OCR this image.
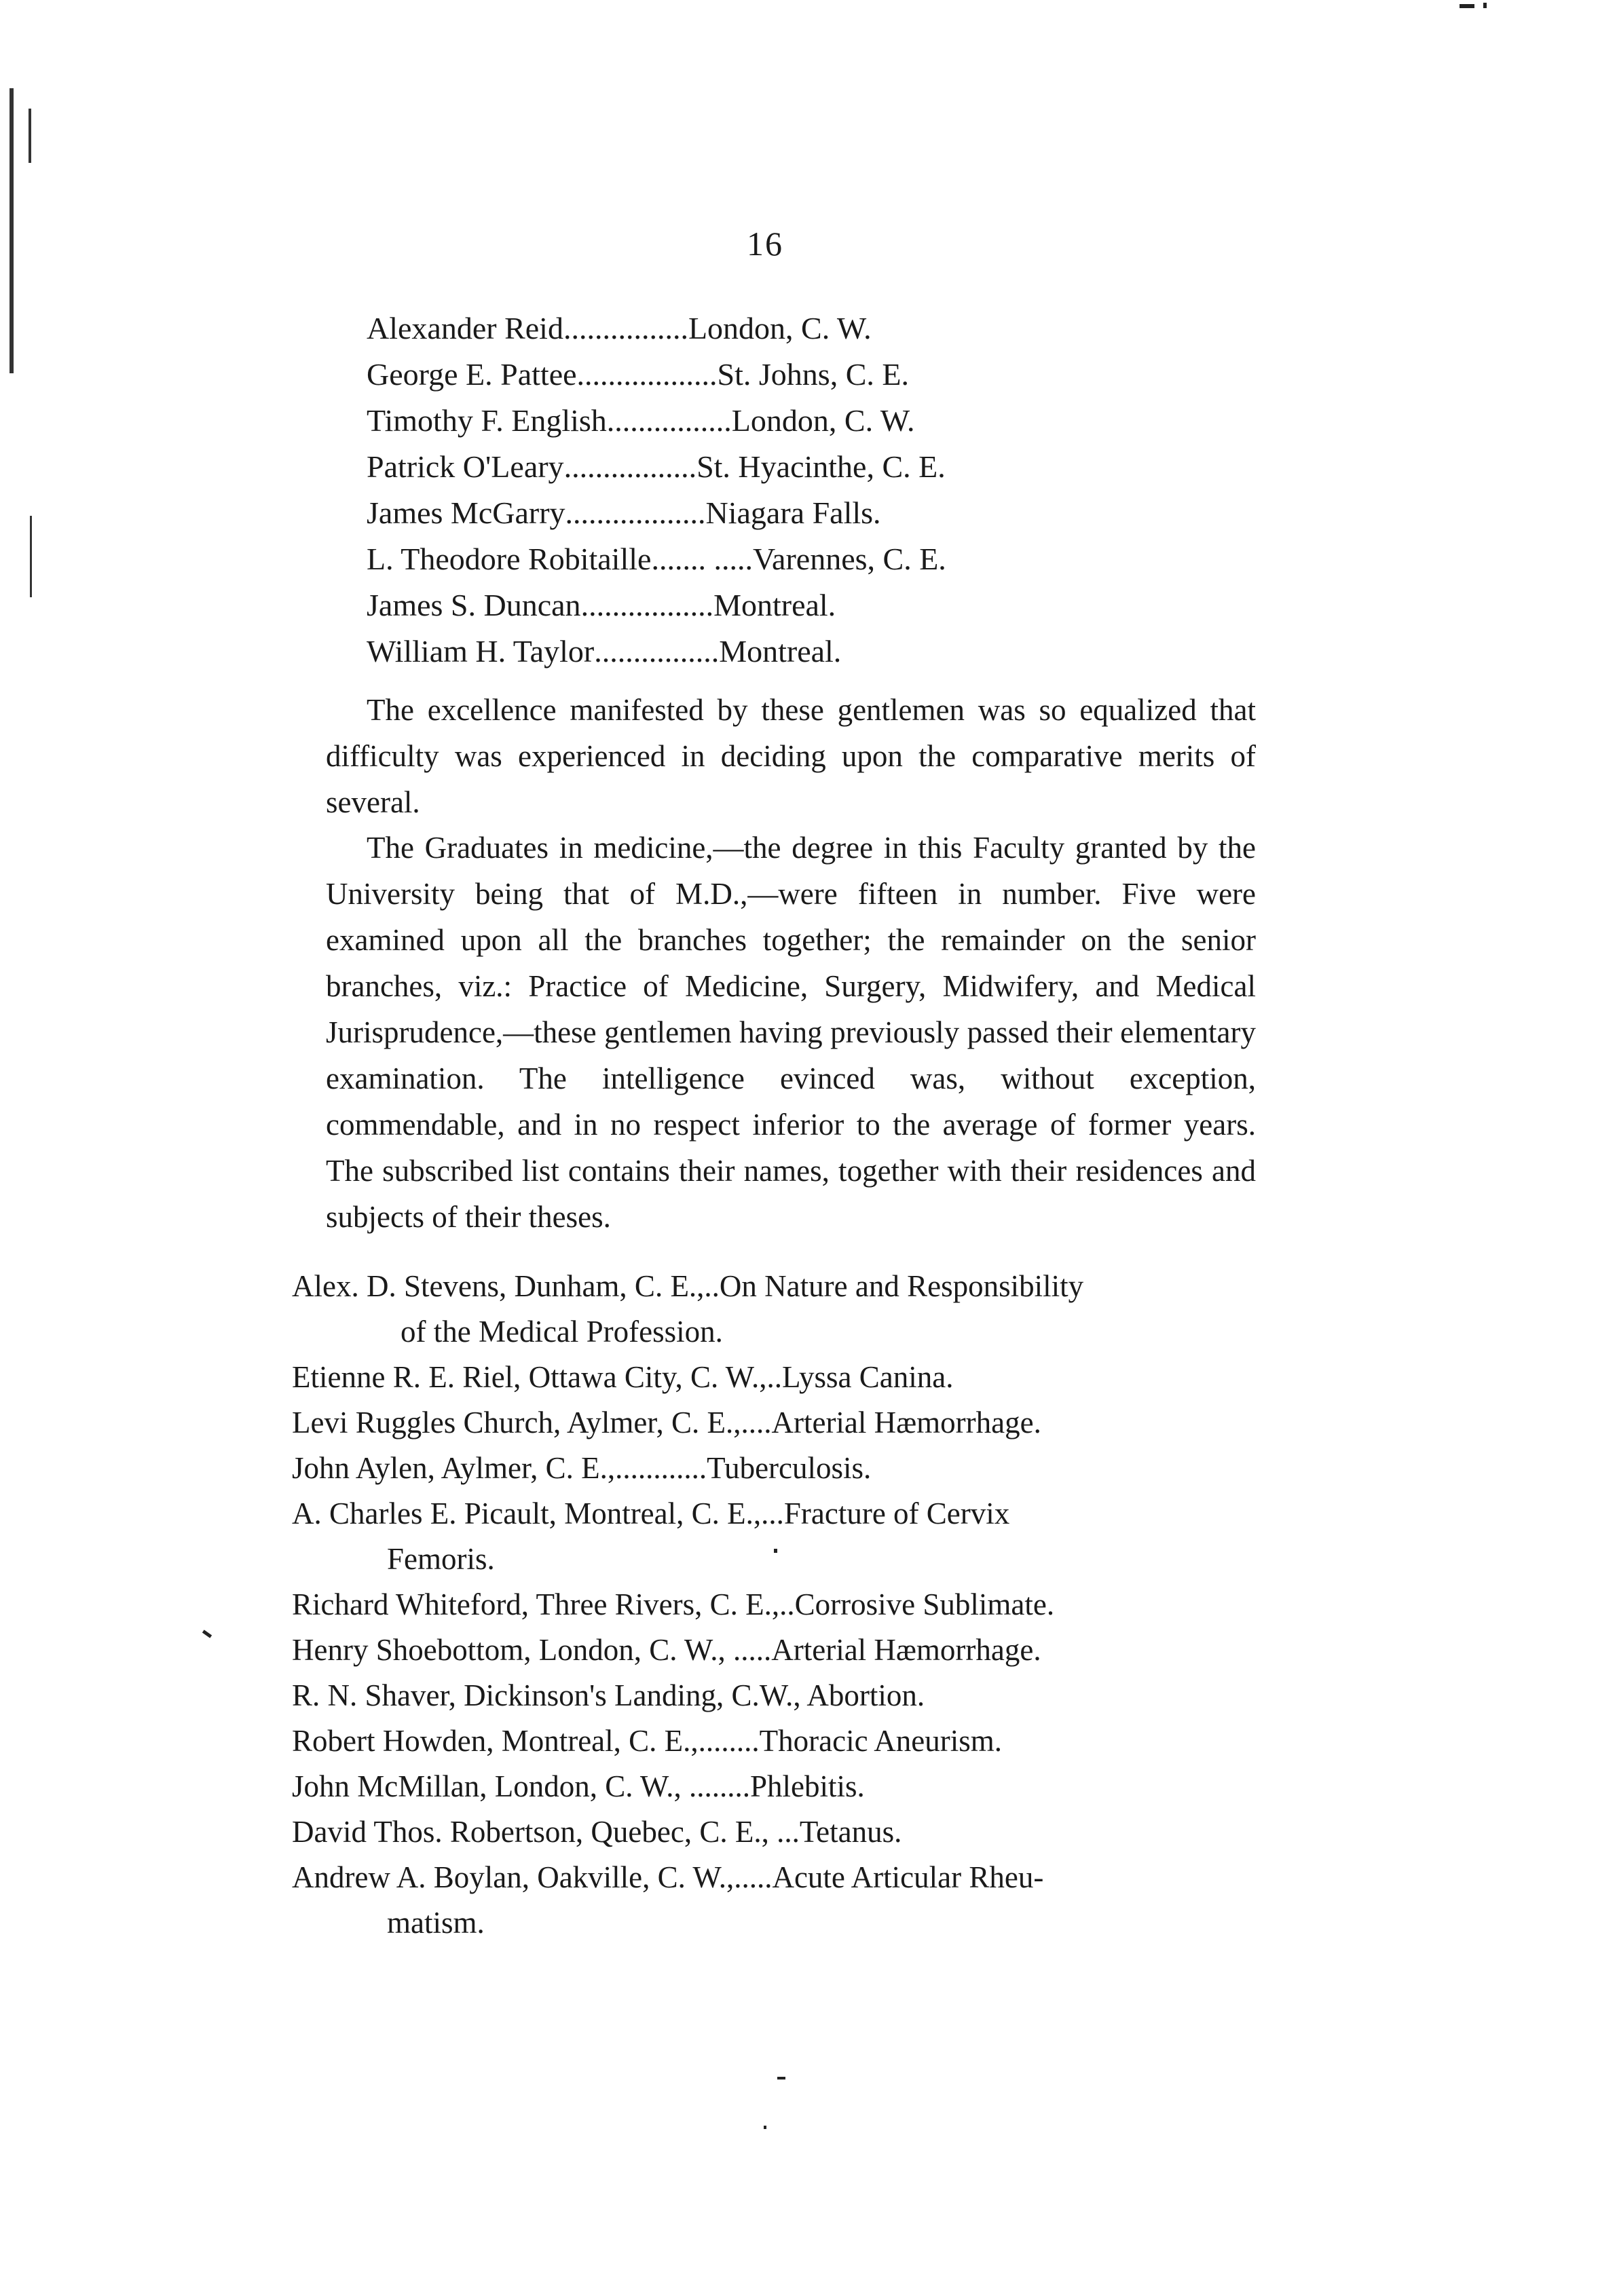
16
Alexander Reid ................ London, C. W.
George E. Pattee .................. St. Johns, C. E.
Timothy F. English ................ London, C. W.
Patrick O'Leary ................. St. Hyacinthe, C. E.
James McGarry .................. Niagara Falls.
L. Theodore Robitaille ....... ..... Varennes, C. E.
James S. Duncan ................. Montreal.
William H. Taylor ................ Montreal.

The excellence manifested by these gentlemen was so equalized that difficulty was experienced in deciding upon the comparative merits of several.

The Graduates in medicine,—the degree in this Faculty granted by the University being that of M.D.,—were fifteen in number. Five were examined upon all the branches together; the remainder on the senior branches, viz.: Practice of Medicine, Surgery, Midwifery, and Medical Jurisprudence,—these gentlemen having previously passed their elementary examination. The intelligence evinced was, without exception, commendable, and in no respect inferior to the average of former years. The subscribed list contains their names, together with their residences and subjects of their theses.

Alex. D. Stevens, Dunham, C. E.,..On Nature and Responsibility
of the Medical Profession.

Etienne R. E. Riel, Ottawa City, C. W.,..Lyssa Canina.

Levi Ruggles Church, Aylmer, C. E.,....Arterial Hæmorrhage.

John Aylen, Aylmer, C. E.,............Tuberculosis.

A. Charles E. Picault, Montreal, C. E.,...Fracture of Cervix
Femoris.

Richard Whiteford, Three Rivers, C. E.,..Corrosive Sublimate.

Henry Shoebottom, London, C. W., .....Arterial Hæmorrhage.

R. N. Shaver, Dickinson's Landing, C.W., Abortion.

Robert Howden, Montreal, C. E.,........Thoracic Aneurism.

John McMillan, London, C. W., ........Phlebitis.

David Thos. Robertson, Quebec, C. E., ...Tetanus.

Andrew A. Boylan, Oakville, C. W.,.....Acute Articular Rheu-
matism.
